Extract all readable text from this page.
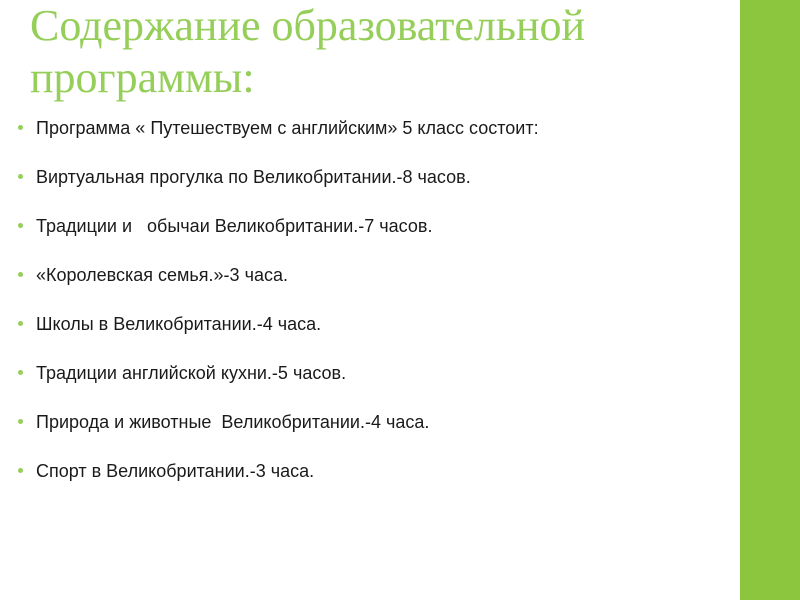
Содержание образовательной программы:
Программа « Путешествуем с английским» 5 класс состоит:
Виртуальная прогулка по Великобритании.-8 часов.
Традиции и   обычаи Великобритании.-7 часов.
«Королевская семья.»-3 часа.
Школы в Великобритании.-4 часа.
Традиции английской кухни.-5 часов.
Природа и животные  Великобритании.-4 часа.
Спорт в Великобритании.-3 часа.
11
